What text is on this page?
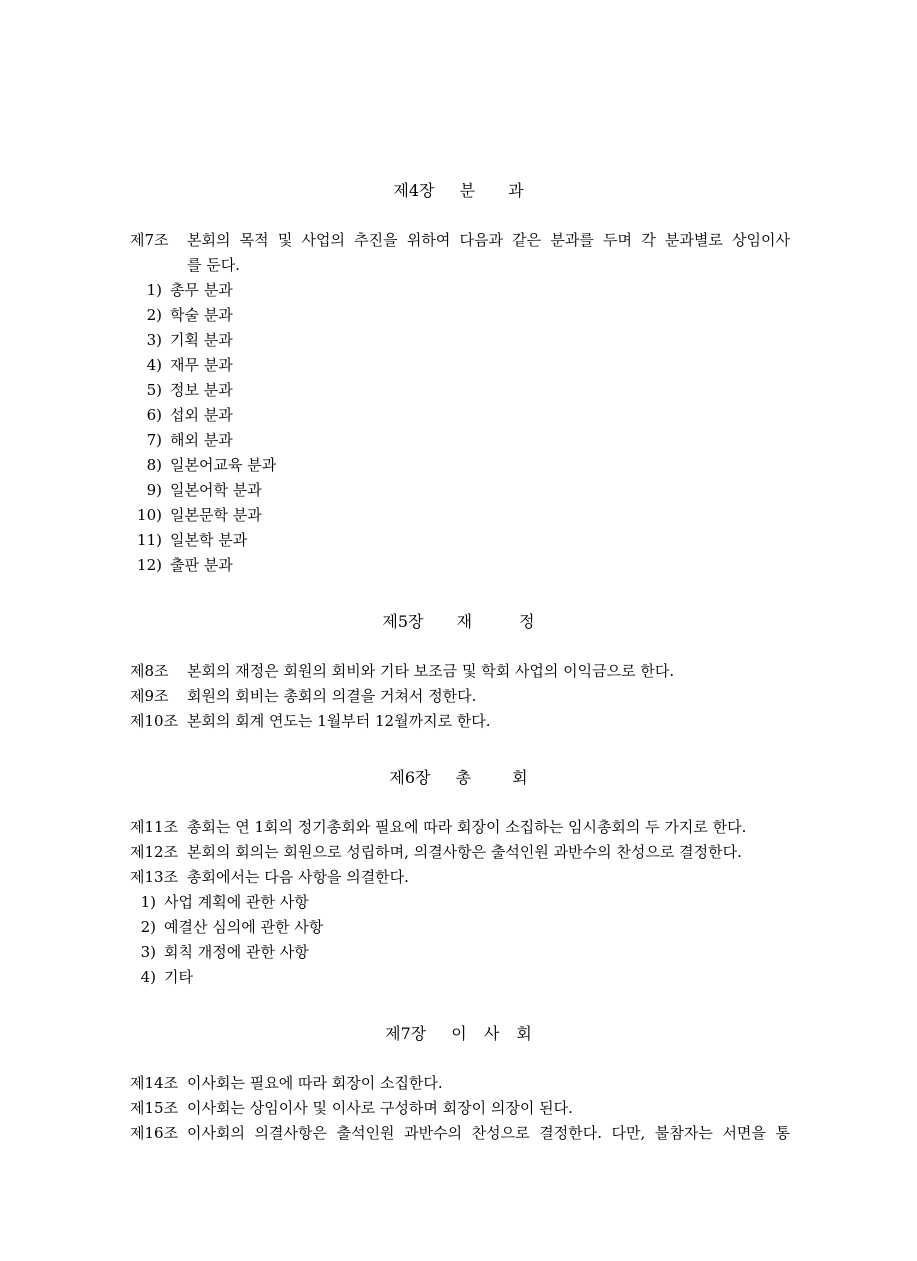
제4장 분 과
제7조 본회의 목적 및 사업의 추진을 위하여 다음과 같은 분과를 두며 각 분과별로 상임이사
를 둔다.
1) 총무 분과
2) 학술 분과
3) 기획 분과
4) 재무 분과
5) 정보 분과
6) 섭외 분과
7) 해외 분과
8) 일본어교육 분과
9) 일본어학 분과
10) 일본문학 분과
11) 일본학 분과
12) 출판 분과
제5장 재	정
제8조 본회의 재정은 회원의 회비와 기타 보조금 및 학회 사업의 이익금으로 한다.
제9조 회원의 회비는 총회의 의결을 거쳐서 정한다.
제10조 본회의 회계 연도는 1월부터 12월까지로 한다.
제6장 총	회
제11조 총회는 연 1회의 정기총회와 필요에 따라 회장이 소집하는 임시총회의 두 가지로 한다.
제12조 본회의 회의는 회원으로 성립하며, 의결사항은 출석인원 과반수의 찬성으로 결정한다.
제13조 총회에서는 다음 사항을 의결한다.
1) 사업 계획에 관한 사항
2) 예결산 심의에 관한 사항
3) 회칙 개정에 관한 사항
4) 기타
제7장 이 사 회
제14조 이사회는 필요에 따라 회장이 소집한다.
제15조 이사회는 상임이사 및 이사로 구성하며 회장이 의장이 된다.
제16조 이사회의 의결사항은 출석인원 과반수의 찬성으로 결정한다. 다만, 불참자는 서면을 통
